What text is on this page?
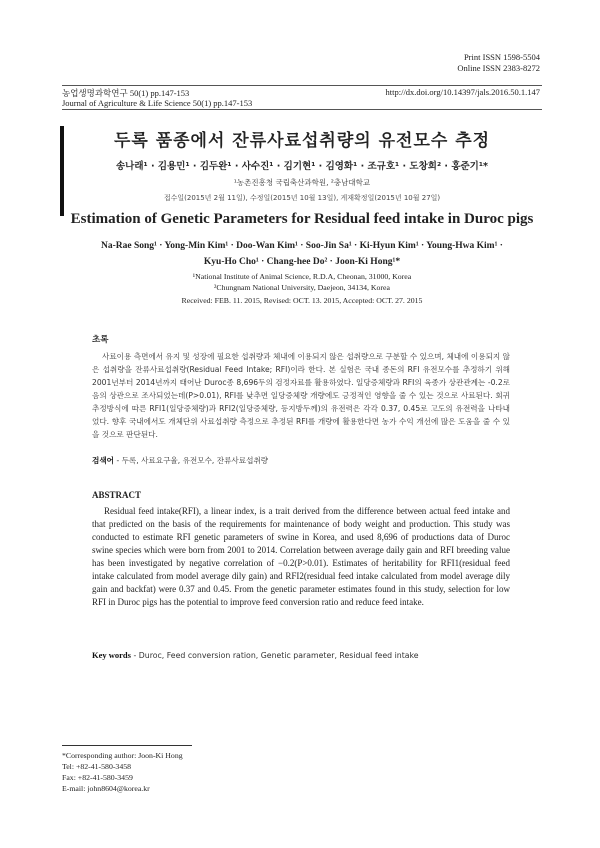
Print ISSN 1598-5504
Online ISSN 2383-8272
농업생명과학연구 50(1) pp.147-153	http://dx.doi.org/10.14397/jals.2016.50.1.147
Journal of Agriculture & Life Science 50(1) pp.147-153
두록 품종에서 잔류사료섭취량의 유전모수 추정
송나래¹ · 김용민¹ · 김두완¹ · 사수진¹ · 김기현¹ · 김영화¹ · 조규호¹ · 도창희² · 홍준기¹*
¹농촌진흥청 국립축산과학원, ²충남대학교
접수일(2015년 2월 11일), 수정일(2015년 10월 13일), 게재확정일(2015년 10월 27일)
Estimation of Genetic Parameters for Residual feed intake in Duroc pigs
Na-Rae Song¹ · Yong-Min Kim¹ · Doo-Wan Kim¹ · Soo-Jin Sa¹ · Ki-Hyun Kim¹ · Young-Hwa Kim¹ ·
Kyu-Ho Cho¹ · Chang-hee Do² · Joon-Ki Hong¹*
¹National Institute of Animal Science, R.D.A, Cheonan, 31000, Korea
²Chungnam National University, Daejeon, 34134, Korea
Received: FEB. 11. 2015, Revised: OCT. 13. 2015, Accepted: OCT. 27. 2015
초록
사료이용 측면에서 유지 및 성장에 필요한 섭취량과 체내에 이용되지 않은 섭취량으로 구분할 수 있으며, 체내에 이용되지 않은 섭취량을 잔류사료섭취량(Residual Feed Intake; RFI)이라 한다. 본 실험은 국내 종돈의 RFI 유전모수를 추정하기 위해 2001년부터 2014년까지 태어난 Duroc종 8,696두의 검정자료를 활용하였다. 일당증체량과 RFI의 육종가 상관관계는 -0.2로 음의 상관으로 조사되었는데(P>0.01), RFI를 낮추면 일당증체량 개량에도 긍정적인 영향을 줄 수 있는 것으로 사료된다. 회귀추정방식에 따른 RFI1(일당증체량)과 RFI2(일당증체량, 등지방두께)의 유전력은 각각 0.37, 0.45로 고도의 유전력을 나타내었다. 향후 국내에서도 개체단위 사료섭취량 측정으로 추정된 RFI를 개량에 활용한다면 농가 수익 개선에 많은 도움을 줄 수 있을 것으로 판단된다.
검색어 - 두록, 사료요구율, 유전모수, 잔류사료섭취량
ABSTRACT
Residual feed intake(RFI), a linear index, is a trait derived from the difference between actual feed intake and that predicted on the basis of the requirements for maintenance of body weight and production. This study was conducted to estimate RFI genetic parameters of swine in Korea, and used 8,696 of productions data of Duroc swine species which were born from 2001 to 2014. Correlation between average daily gain and RFI breeding value has been investigated by negative correlation of −0.2(P>0.01). Estimates of heritability for RFI1(residual feed intake calculated from model average dily gain) and RFI2(residual feed intake calculated from model average dily gain and backfat) were 0.37 and 0.45. From the genetic parameter estimates found in this study, selection for low RFI in Duroc pigs has the potential to improve feed conversion ratio and reduce feed intake.
Key words - Duroc, Feed conversion ration, Genetic parameter, Residual feed intake
*Corresponding author: Joon-Ki Hong
Tel: +82-41-580-3458
Fax: +82-41-580-3459
E-mail: john8604@korea.kr
